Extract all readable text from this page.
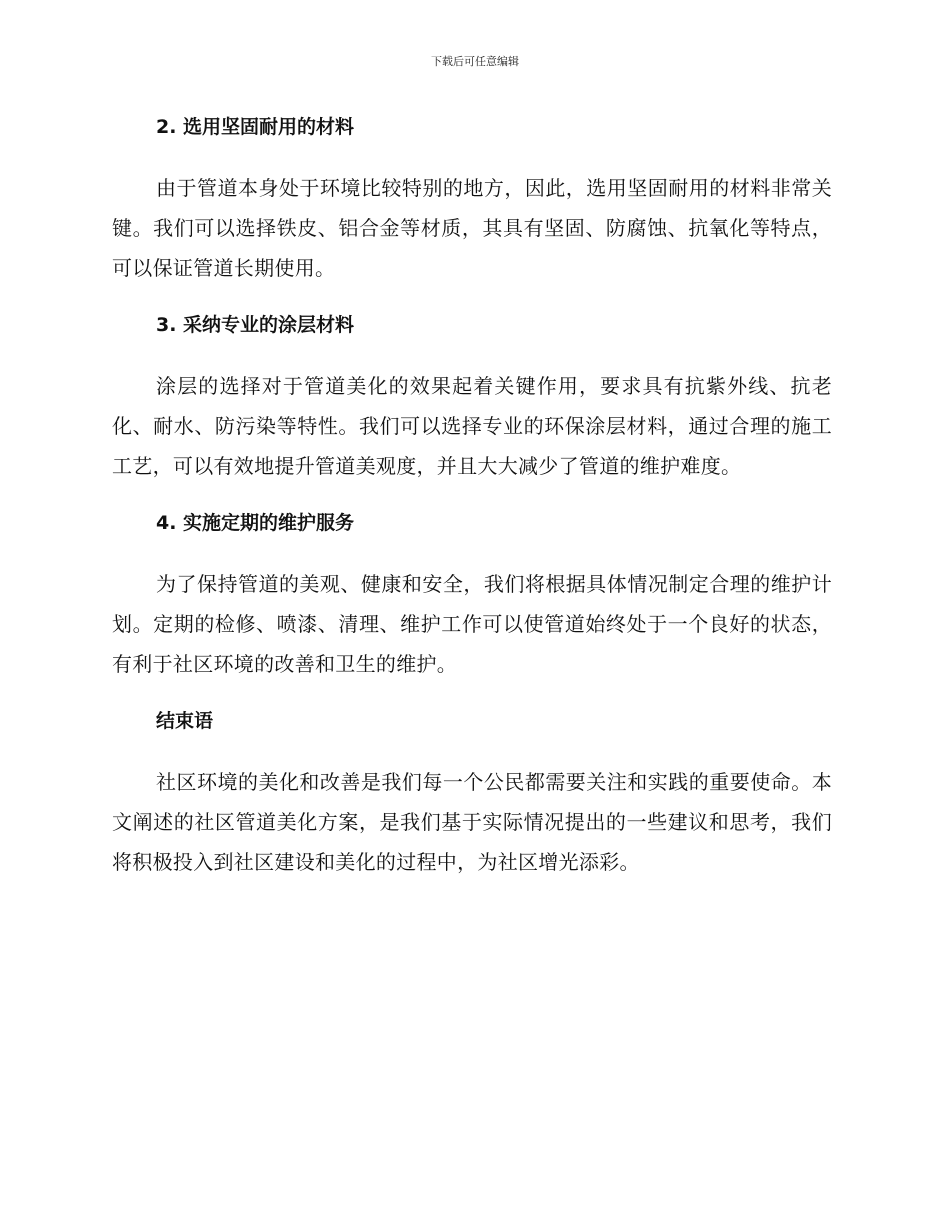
下载后可任意编辑
2. 选用坚固耐用的材料

由于管道本身处于环境比较特别的地方，因此，选用坚固耐用的材料非常关键。我们可以选择铁皮、铝合金等材质，其具有坚固、防腐蚀、抗氧化等特点，可以保证管道长期使用。

3. 采纳专业的涂层材料

涂层的选择对于管道美化的效果起着关键作用，要求具有抗紫外线、抗老化、耐水、防污染等特性。我们可以选择专业的环保涂层材料，通过合理的施工工艺，可以有效地提升管道美观度，并且大大减少了管道的维护难度。

4. 实施定期的维护服务

为了保持管道的美观、健康和安全，我们将根据具体情况制定合理的维护计划。定期的检修、喷漆、清理、维护工作可以使管道始终处于一个良好的状态，有利于社区环境的改善和卫生的维护。

结束语

社区环境的美化和改善是我们每一个公民都需要关注和实践的重要使命。本文阐述的社区管道美化方案，是我们基于实际情况提出的一些建议和思考，我们将积极投入到社区建设和美化的过程中，为社区增光添彩。
